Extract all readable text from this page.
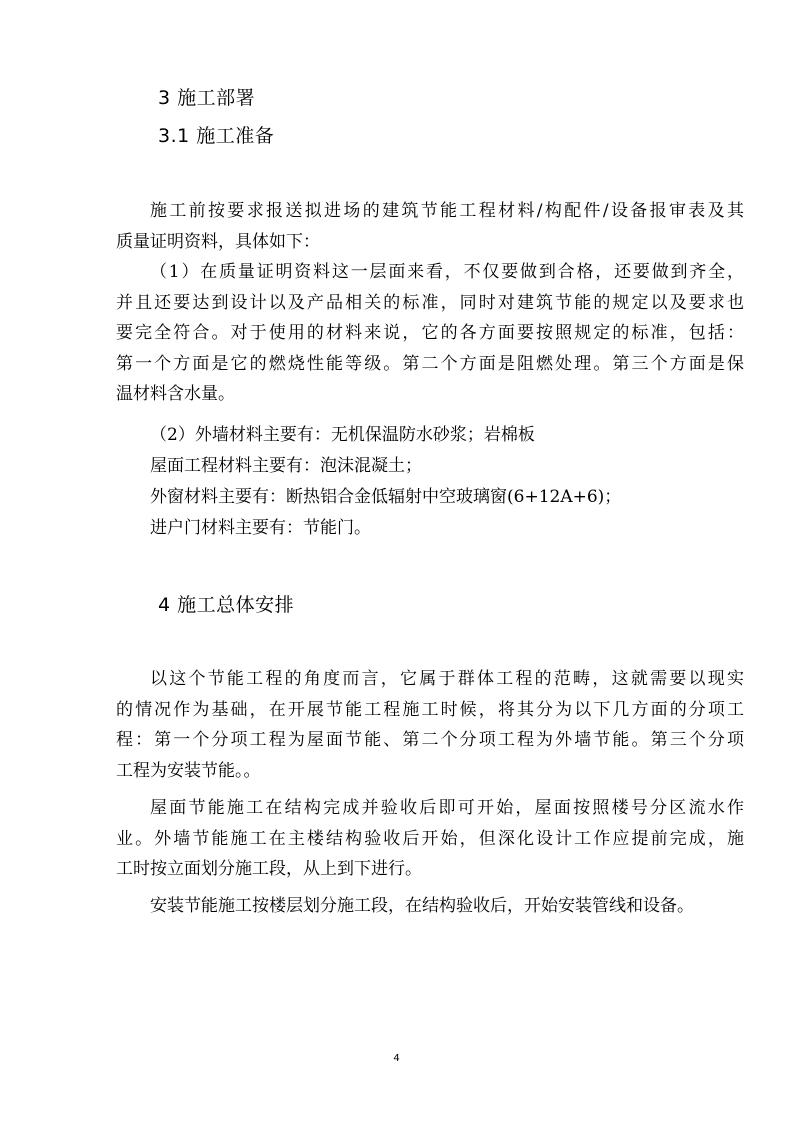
3 施工部署
3.1 施工准备
施工前按要求报送拟进场的建筑节能工程材料/构配件/设备报审表及其
质量证明资料，具体如下：
（1）在质量证明资料这一层面来看，不仅要做到合格，还要做到齐全，
并且还要达到设计以及产品相关的标准，同时对建筑节能的规定以及要求也
要完全符合。对于使用的材料来说，它的各方面要按照规定的标准，包括：
第一个方面是它的燃烧性能等级。第二个方面是阻燃处理。第三个方面是保
温材料含水量。
（2）外墙材料主要有：无机保温防水砂浆；岩棉板
屋面工程材料主要有：泡沫混凝土；
外窗材料主要有：断热铝合金低辐射中空玻璃窗(6+12A+6)；
进户门材料主要有：节能门。
4 施工总体安排
以这个节能工程的角度而言，它属于群体工程的范畴，这就需要以现实
的情况作为基础，在开展节能工程施工时候，将其分为以下几方面的分项工
程：第一个分项工程为屋面节能、第二个分项工程为外墙节能。第三个分项
工程为安装节能。。
屋面节能施工在结构完成并验收后即可开始，屋面按照楼号分区流水作
业。外墙节能施工在主楼结构验收后开始，但深化设计工作应提前完成，施
工时按立面划分施工段，从上到下进行。
安装节能施工按楼层划分施工段，在结构验收后，开始安装管线和设备。
4
